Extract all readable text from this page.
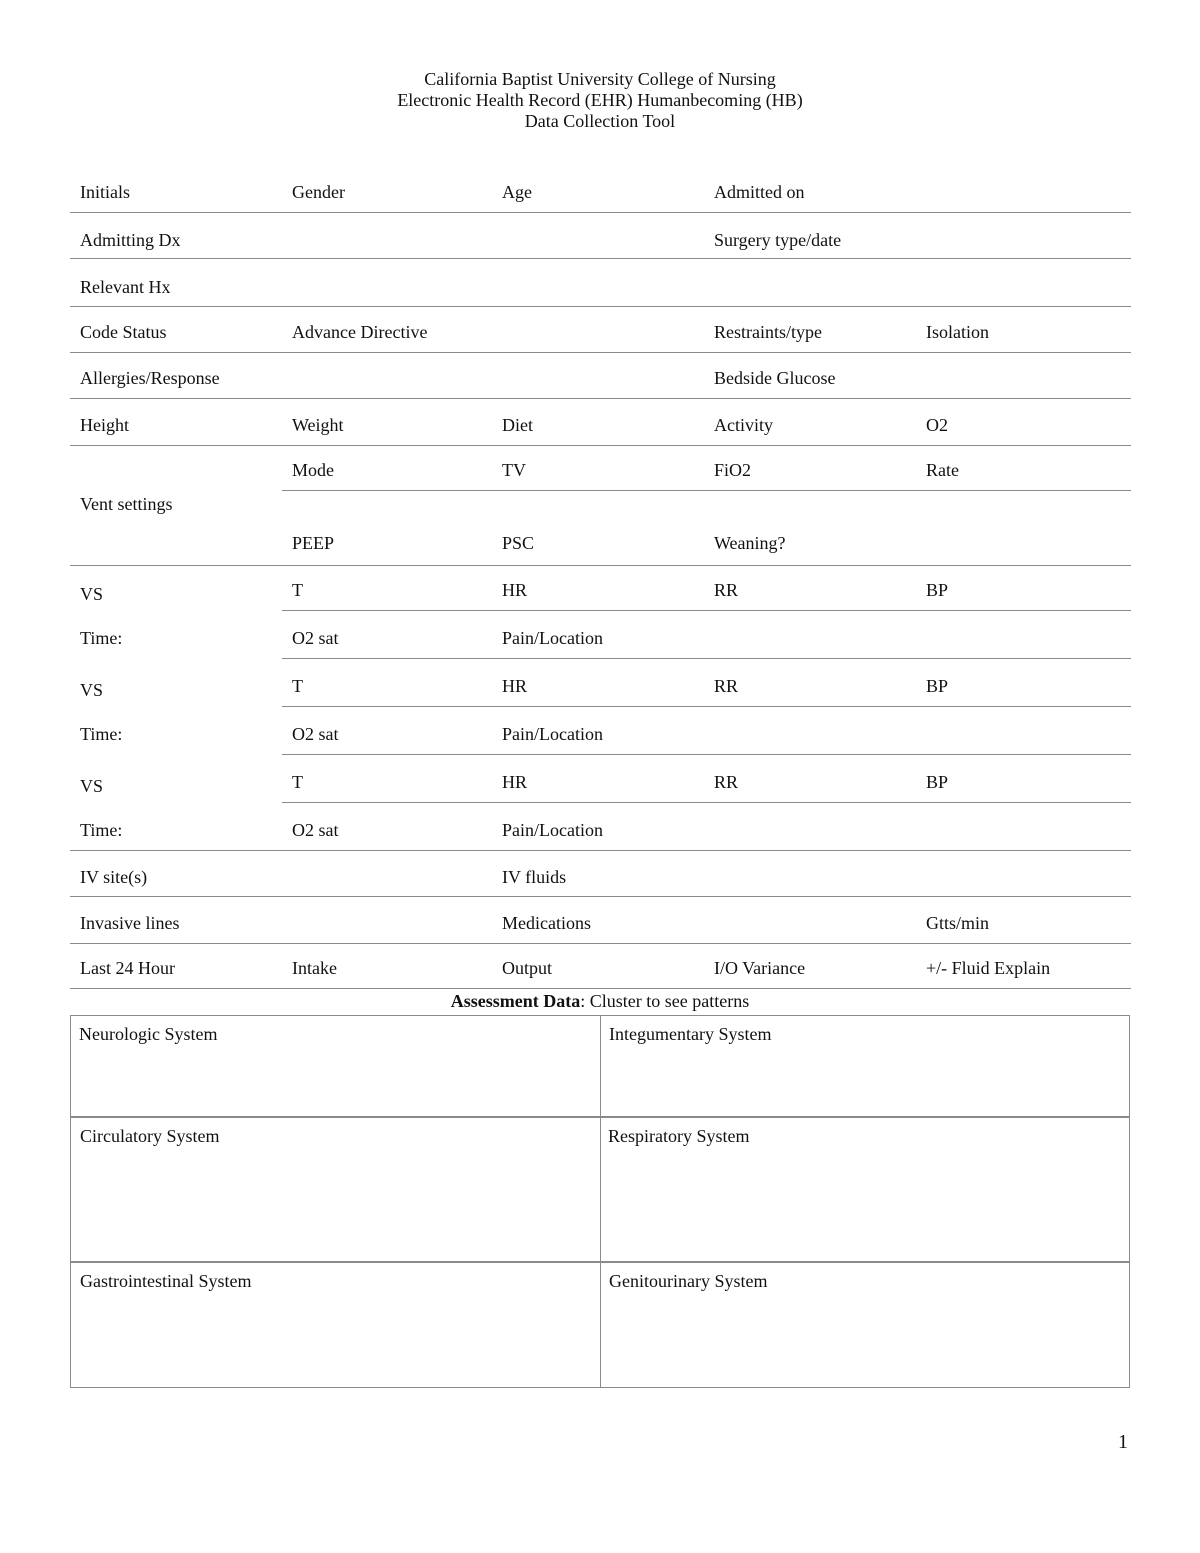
California Baptist University College of Nursing
Electronic Health Record (EHR) Humanbecoming (HB)
Data Collection Tool
Initials	Gender	Age	Admitted on
Admitting Dx	Surgery type/date
Relevant Hx
Code Status	Advance Directive	Restraints/type	Isolation
Allergies/Response	Bedside Glucose
Height	Weight	Diet	Activity	O2
Vent settings
Mode	TV	FiO2	Rate
PEEP	PSC	Weaning?
VS	T	HR	RR	BP
Time:	O2 sat	Pain/Location
VS	T	HR	RR	BP
Time:	O2 sat	Pain/Location
VS	T	HR	RR	BP
Time:	O2 sat	Pain/Location
IV site(s)	IV fluids
Invasive lines	Medications	Gtts/min
Last 24 Hour	Intake	Output	I/O Variance	+/- Fluid Explain
Assessment Data: Cluster to see patterns
Neurologic System	Integumentary System
Circulatory System	Respiratory System
Gastrointestinal System	Genitourinary System
1
